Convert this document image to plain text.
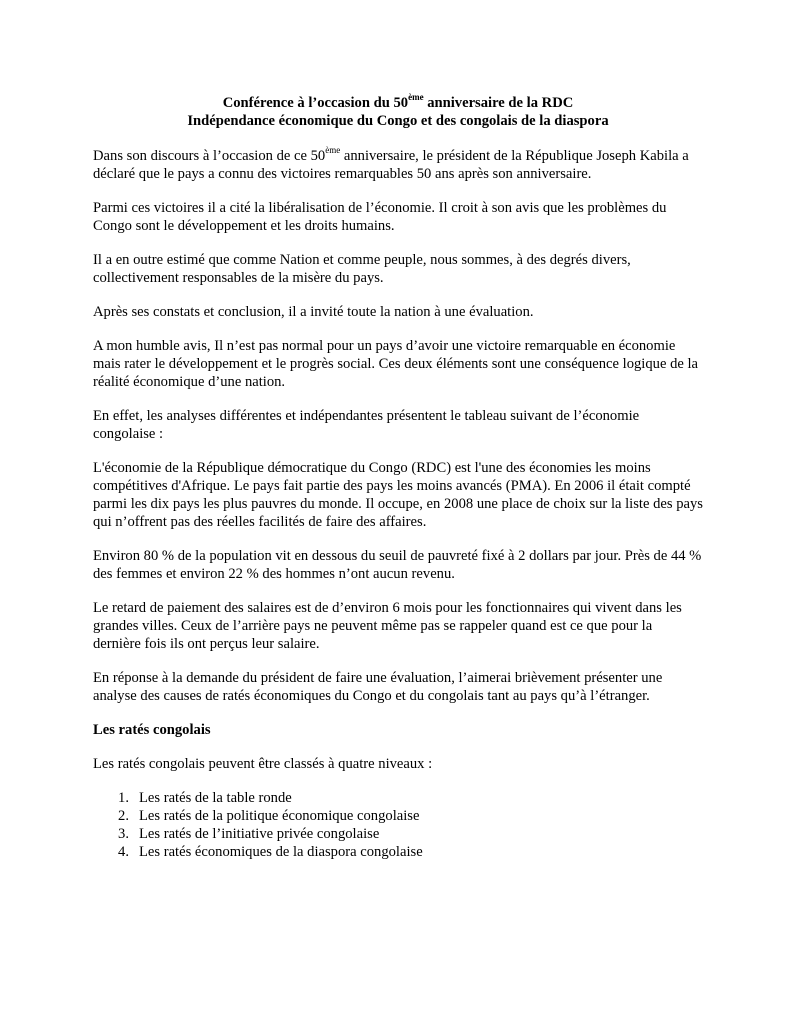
Conférence à l’occasion du 50ème anniversaire de la RDC
Indépendance économique du Congo et des congolais de la diaspora

Dans son discours à l’occasion de ce 50ème anniversaire, le président de la République Joseph Kabila a déclaré que le pays a connu des victoires remarquables 50 ans après son anniversaire.

Parmi ces victoires il a cité la libéralisation de l’économie. Il croit à son avis que les problèmes du Congo sont le développement et les droits humains.

Il a en outre estimé que comme Nation et comme peuple, nous sommes, à des degrés divers, collectivement responsables de la misère du pays.

Après ses constats et conclusion, il a invité toute la nation à une évaluation.

A mon humble avis, Il n’est pas normal pour un pays d’avoir une victoire remarquable en économie mais rater le développement et le progrès social. Ces deux éléments sont une conséquence logique de la réalité économique d’une nation.

En effet, les analyses différentes et indépendantes présentent le tableau suivant de l’économie congolaise :

L'économie de la République démocratique du Congo (RDC) est l'une des économies les moins compétitives d'Afrique. Le pays fait partie des pays les moins avancés (PMA). En 2006 il était compté parmi les dix pays les plus pauvres du monde. Il occupe, en 2008 une place de choix sur la liste des pays qui n’offrent pas des réelles facilités de faire des affaires.

Environ 80 % de la population vit en dessous du seuil de pauvreté fixé à 2 dollars par jour. Près de 44 % des femmes et environ 22 % des hommes n’ont aucun revenu.

Le retard de paiement des salaires est de d’environ 6 mois pour les fonctionnaires qui vivent dans les grandes villes. Ceux de l’arrière pays ne peuvent même pas se rappeler quand est ce que pour la dernière fois ils ont perçus leur salaire.

En réponse à la demande du président de faire une évaluation, l’aimerai brièvement présenter une analyse des causes de ratés économiques du Congo et du congolais tant au pays qu’à l’étranger.

Les ratés congolais

Les ratés congolais peuvent être classés à quatre niveaux :

1. Les ratés de la table ronde
2. Les ratés de la politique économique congolaise
3. Les ratés de l’initiative privée congolaise
4. Les ratés économiques de la diaspora congolaise
